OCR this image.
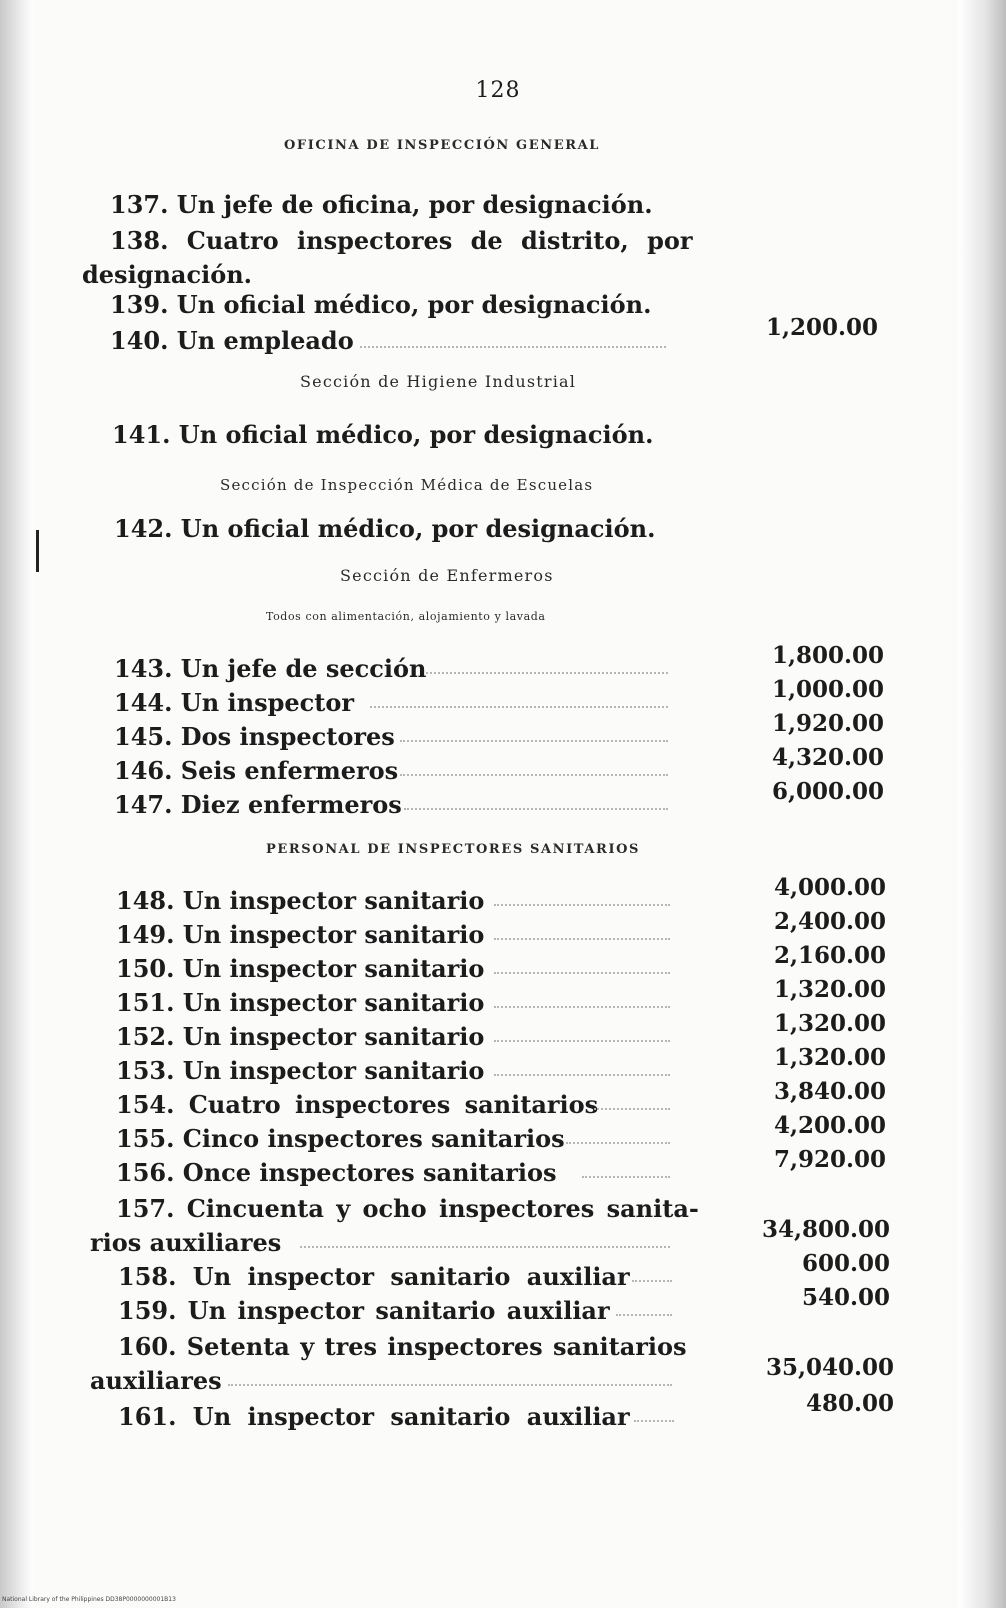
128
OFICINA DE INSPECCIÓN GENERAL
137. Un jefe de oficina, por designación.
138. Cuatro inspectores de distrito, por
designación.
139. Un oficial médico, por designación.
140. Un empleado	1,200.00
Sección de Higiene Industrial
141. Un oficial médico, por designación.
Sección de Inspección Médica de Escuelas
142. Un oficial médico, por designación.
Sección de Enfermeros
Todos con alimentación, alojamiento y lavada
143. Un jefe de sección	1,800.00
144. Un inspector	1,000.00
145. Dos inspectores	1,920.00
146. Seis enfermeros	4,320.00
147. Diez enfermeros	6,000.00
PERSONAL DE INSPECTORES SANITARIOS
148. Un inspector sanitario	4,000.00
149. Un inspector sanitario	2,400.00
150. Un inspector sanitario	2,160.00
151. Un inspector sanitario	1,320.00
152. Un inspector sanitario	1,320.00
153. Un inspector sanitario	1,320.00
154. Cuatro inspectores sanitarios	3,840.00
155. Cinco inspectores sanitarios	4,200.00
156. Once inspectores sanitarios	7,920.00
157. Cincuenta y ocho inspectores sanita-
rios auxiliares	34,800.00
158. Un inspector sanitario auxiliar	600.00
159. Un inspector sanitario auxiliar	540.00
160. Setenta y tres inspectores sanitarios
auxiliares	35,040.00
161. Un inspector sanitario auxiliar	480.00
National Library of the Philippines DD38P0000000001B13
